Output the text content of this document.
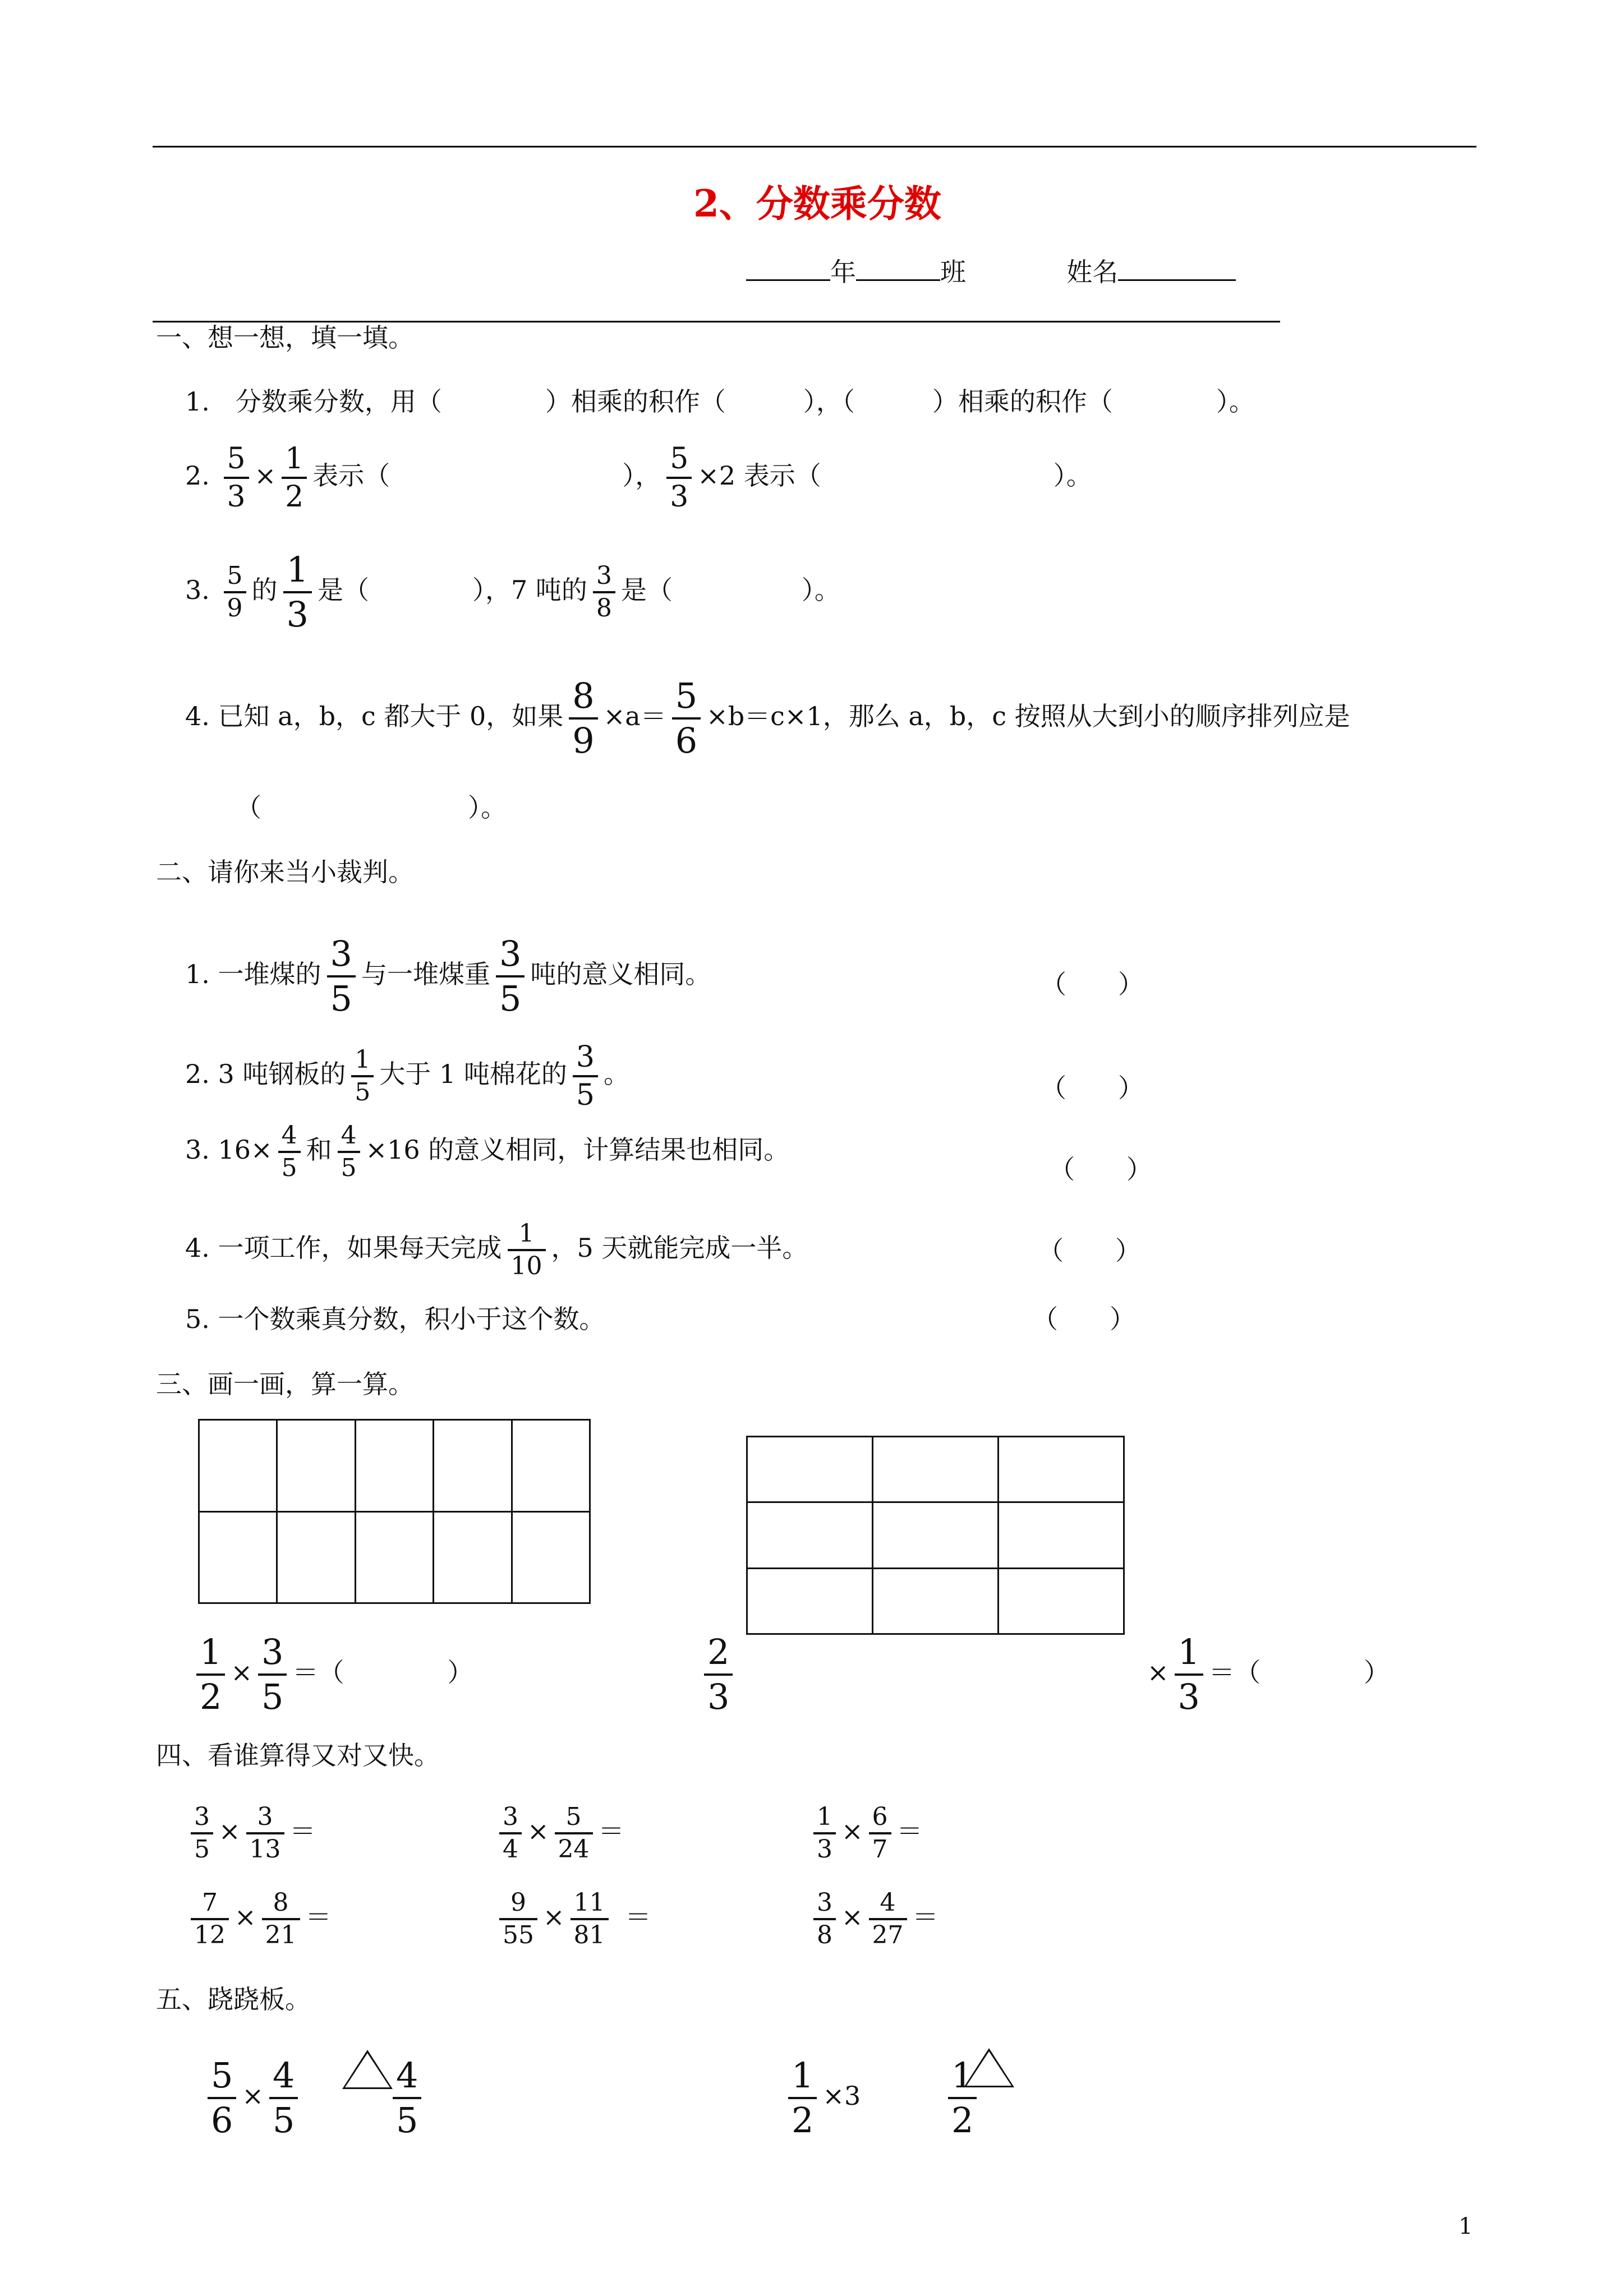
2、分数乘分数
年	班	姓名
一、想一想，填一填。
1.　分数乘分数，用（　　　　）相乘的积作（　　　），（　　　）相乘的积作（　　　　）。
2. $\frac{5}{3} \times \frac{1}{2}$ 表示（　　　　　　　　　）， $\frac{5}{3} \times 2$ 表示（　　　　　　　　　）。
3. $\frac{5}{9}$ 的 $\frac{1}{3}$ 是（　　　　），7 吨的 $\frac{3}{8}$ 是（　　　　　）。
4. 已知 a，b，c 都大于 0，如果 $\frac{8}{9} \times a= \frac{5}{6} \times b=c\times 1$，那么 a，b，c 按照从大到小的顺序排列应是
（　　　　　　　　）。
二、请你来当小裁判。
1. 一堆煤的 $\frac{3}{5}$ 与一堆煤重 $\frac{3}{5}$ 吨的意义相同。	（　　）
2. 3 吨钢板的 $\frac{1}{5}$ 大于 1 吨棉花的 $\frac{3}{5}$ 。	（　　）
3. $16\times \frac{4}{5}$ 和 $\frac{4}{5} \times 16$ 的意义相同，计算结果也相同。
（　　）
4. 一项工作，如果每天完成 $\frac{1}{10}$ ，5 天就能完成一半。	（　　）
5. 一个数乘真分数，积小于这个数。	（　　）
三、画一画，算一算。

$\frac{1}{2} \times \frac{3}{5}$ ＝（　　　　）	$\frac{2}{3}$	× $\frac{1}{3}$ ＝（　　　　）
四、看谁算得又对又快。
$\frac{3}{5} \times \frac{3}{13}$ ＝	$\frac{3}{4} \times \frac{5}{24}$ ＝	$\frac{1}{3} \times \frac{6}{7}$ ＝
$\frac{7}{12} \times \frac{8}{21}$ ＝	$\frac{9}{55} \times \frac{11}{81}$ ＝	$\frac{3}{8} \times \frac{4}{27}$ ＝
五、跷跷板。
$\frac{5}{6} \times \frac{4}{5}$	$\frac{4}{5}$	$\frac{1}{2} \times 3$	$\frac{1}{2}$
1
